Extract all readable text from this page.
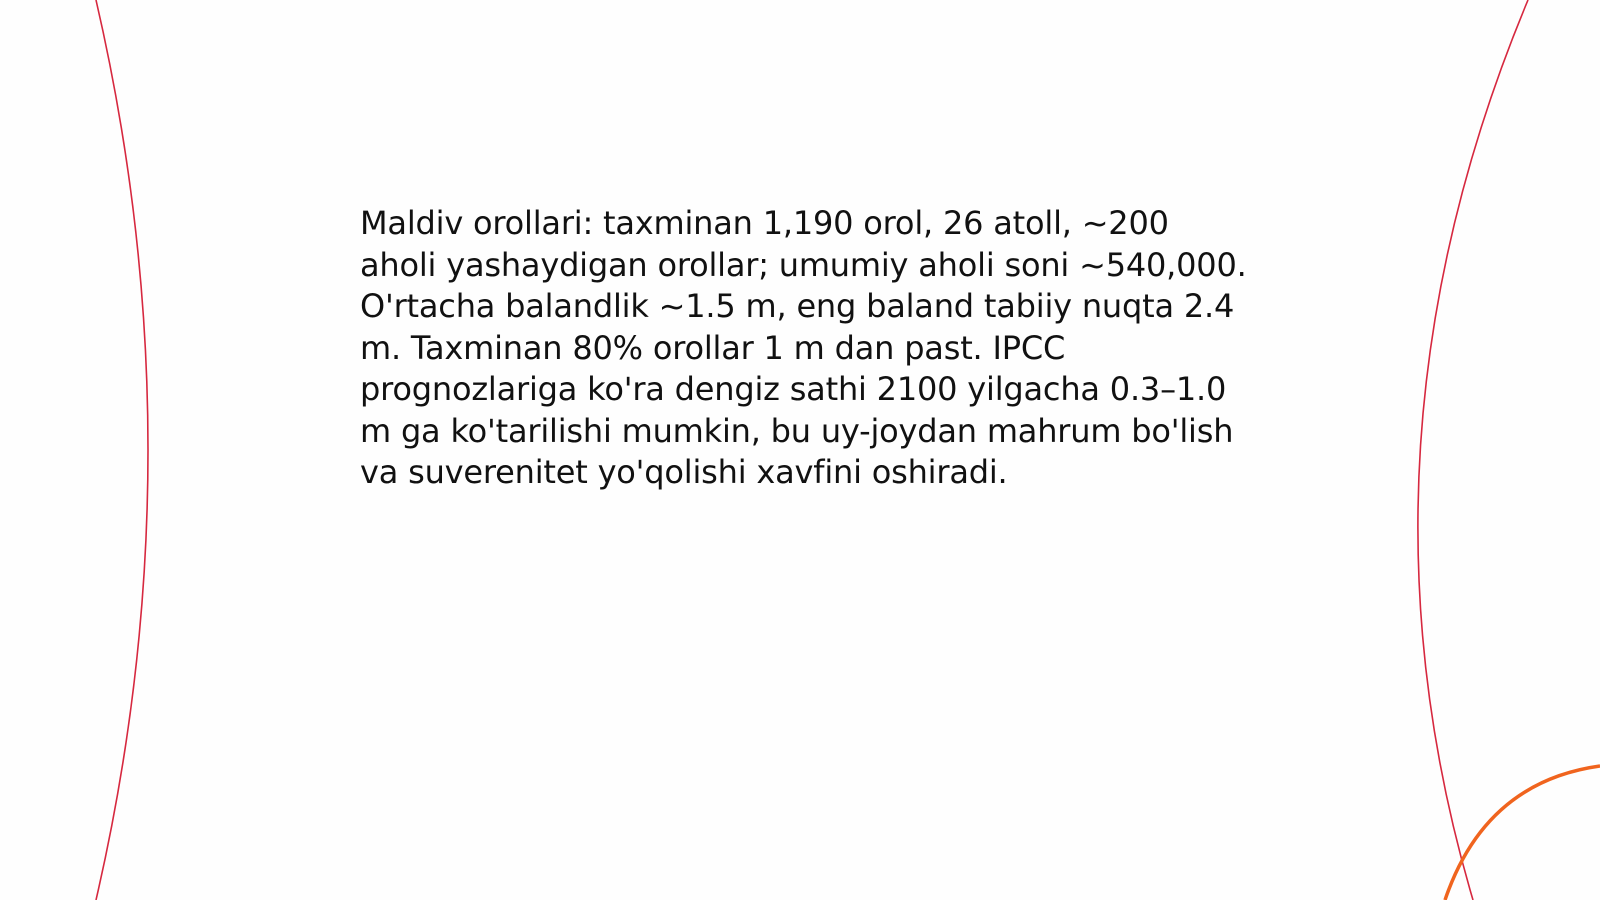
Maldiv orollari: taxminan 1,190 orol, 26 atoll, ~200 aholi yashaydigan orollar; umumiy aholi soni ~540,000. O'rtacha balandlik ~1.5 m, eng baland tabiiy nuqta 2.4 m. Taxminan 80% orollar 1 m dan past. IPCC prognozlariga ko'ra dengiz sathi 2100 yilgacha 0.3–1.0 m ga ko'tarilishi mumkin, bu uy-joydan mahrum bo'lish va suverenitet yo'qolishi xavfini oshiradi.
